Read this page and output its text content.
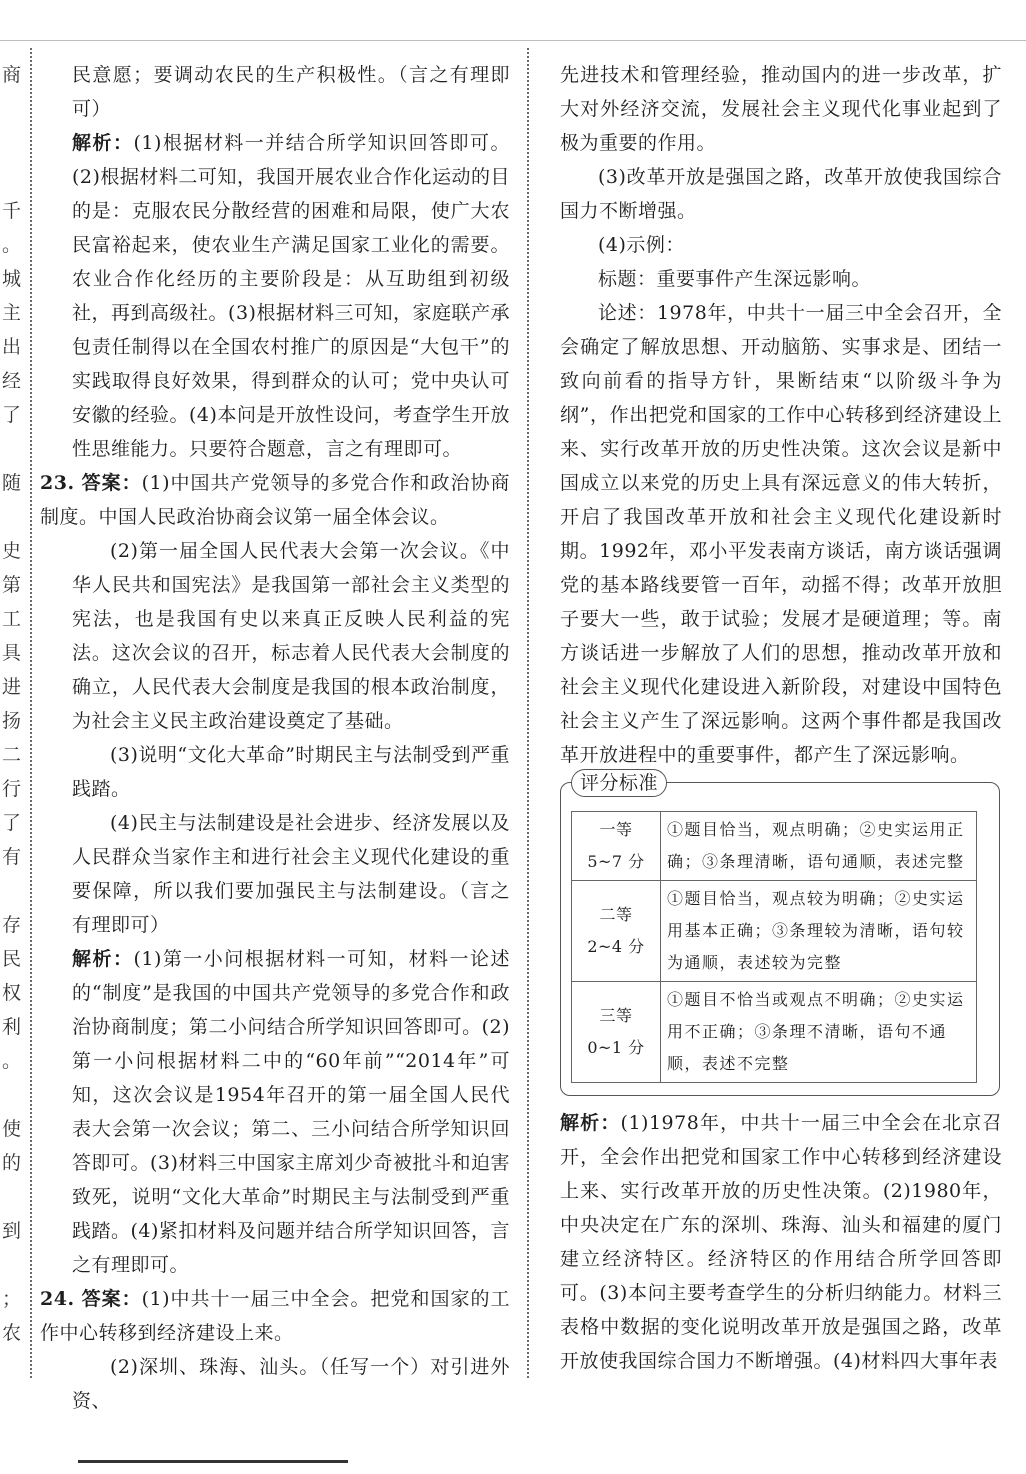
商
千
。
城
主
出
经
了
随
史
第
工
具
进
扬
二
行
了
有
存
民
权
利
。
使
的
到
；
农

民意愿；要调动农民的生产积极性。（言之有理即可）

解析：(1)根据材料一并结合所学知识回答即可。(2)根据材料二可知，我国开展农业合作化运动的目的是：克服农民分散经营的困难和局限，使广大农民富裕起来，使农业生产满足国家工业化的需要。农业合作化经历的主要阶段是：从互助组到初级社，再到高级社。(3)根据材料三可知，家庭联产承包责任制得以在全国农村推广的原因是“大包干”的实践取得良好效果，得到群众的认可；党中央认可安徽的经验。(4)本问是开放性设问，考查学生开放性思维能力。只要符合题意，言之有理即可。

23. 答案：(1)中国共产党领导的多党合作和政治协商制度。中国人民政治协商会议第一届全体会议。

(2)第一届全国人民代表大会第一次会议。《中华人民共和国宪法》是我国第一部社会主义类型的宪法，也是我国有史以来真正反映人民利益的宪法。这次会议的召开，标志着人民代表大会制度的确立，人民代表大会制度是我国的根本政治制度，为社会主义民主政治建设奠定了基础。

(3)说明“文化大革命”时期民主与法制受到严重践踏。

(4)民主与法制建设是社会进步、经济发展以及人民群众当家作主和进行社会主义现代化建设的重要保障，所以我们要加强民主与法制建设。（言之有理即可）

解析：(1)第一小问根据材料一可知，材料一论述的“制度”是我国的中国共产党领导的多党合作和政治协商制度；第二小问结合所学知识回答即可。(2)第一小问根据材料二中的“60年前”“2014年”可知，这次会议是1954年召开的第一届全国人民代表大会第一次会议；第二、三小问结合所学知识回答即可。(3)材料三中国家主席刘少奇被批斗和迫害致死，说明“文化大革命”时期民主与法制受到严重践踏。(4)紧扣材料及问题并结合所学知识回答，言之有理即可。

24. 答案：(1)中共十一届三中全会。把党和国家的工作中心转移到经济建设上来。

(2)深圳、珠海、汕头。（任写一个）对引进外资、

先进技术和管理经验，推动国内的进一步改革，扩大对外经济交流，发展社会主义现代化事业起到了极为重要的作用。

(3)改革开放是强国之路，改革开放使我国综合国力不断增强。

(4)示例：

标题：重要事件产生深远影响。

论述：1978年，中共十一届三中全会召开，全会确定了解放思想、开动脑筋、实事求是、团结一致向前看的指导方针，果断结束“以阶级斗争为纲”，作出把党和国家的工作中心转移到经济建设上来、实行改革开放的历史性决策。这次会议是新中国成立以来党的历史上具有深远意义的伟大转折，开启了我国改革开放和社会主义现代化建设新时期。1992年，邓小平发表南方谈话，南方谈话强调党的基本路线要管一百年，动摇不得；改革开放胆子要大一些，敢于试验；发展才是硬道理；等。南方谈话进一步解放了人们的思想，推动改革开放和社会主义现代化建设进入新阶段，对建设中国特色社会主义产生了深远影响。这两个事件都是我国改革开放进程中的重要事件，都产生了深远影响。

评分标准
一等
5~7 分	①题目恰当，观点明确；②史实运用正确；③条理清晰，语句通顺，表述完整
二等
2~4 分	①题目恰当，观点较为明确；②史实运用基本正确；③条理较为清晰，语句较为通顺，表述较为完整
三等
0~1 分	①题目不恰当或观点不明确；②史实运用不正确；③条理不清晰，语句不通顺，表述不完整

解析：(1)1978年，中共十一届三中全会在北京召开，全会作出把党和国家工作中心转移到经济建设上来、实行改革开放的历史性决策。(2)1980年，中央决定在广东的深圳、珠海、汕头和福建的厦门建立经济特区。经济特区的作用结合所学回答即可。(3)本问主要考查学生的分析归纳能力。材料三表格中数据的变化说明改革开放是强国之路，改革开放使我国综合国力不断增强。(4)材料四大事年表
